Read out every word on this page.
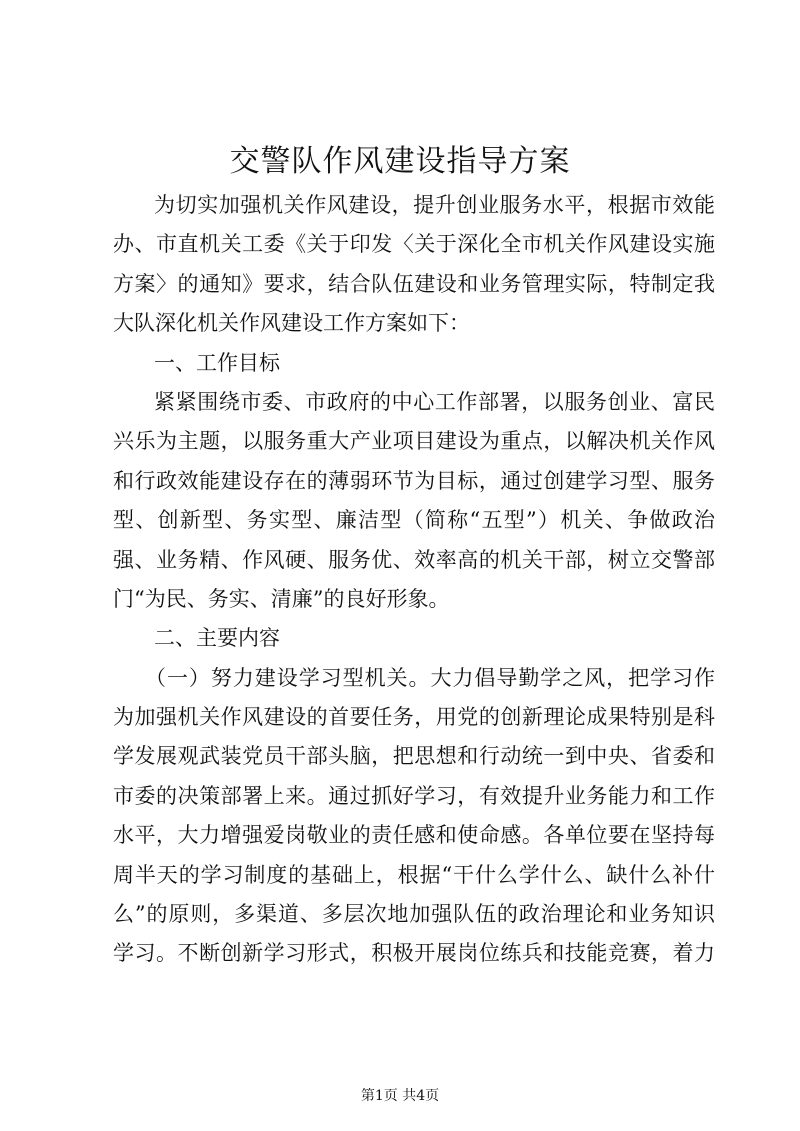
交警队作风建设指导方案
为切实加强机关作风建设，提升创业服务水平，根据市效能
办、市直机关工委《关于印发〈关于深化全市机关作风建设实施
方案〉的通知》要求，结合队伍建设和业务管理实际，特制定我
大队深化机关作风建设工作方案如下：
一、工作目标
紧紧围绕市委、市政府的中心工作部署，以服务创业、富民
兴乐为主题，以服务重大产业项目建设为重点，以解决机关作风
和行政效能建设存在的薄弱环节为目标，通过创建学习型、服务
型、创新型、务实型、廉洁型（简称“五型”）机关、争做政治
强、业务精、作风硬、服务优、效率高的机关干部，树立交警部
门“为民、务实、清廉”的良好形象。
二、主要内容
（一）努力建设学习型机关。大力倡导勤学之风，把学习作
为加强机关作风建设的首要任务，用党的创新理论成果特别是科
学发展观武装党员干部头脑，把思想和行动统一到中央、省委和
市委的决策部署上来。通过抓好学习，有效提升业务能力和工作
水平，大力增强爱岗敬业的责任感和使命感。各单位要在坚持每
周半天的学习制度的基础上，根据“干什么学什么、缺什么补什
么”的原则，多渠道、多层次地加强队伍的政治理论和业务知识
学习。不断创新学习形式，积极开展岗位练兵和技能竞赛，着力
第1页 共4页
